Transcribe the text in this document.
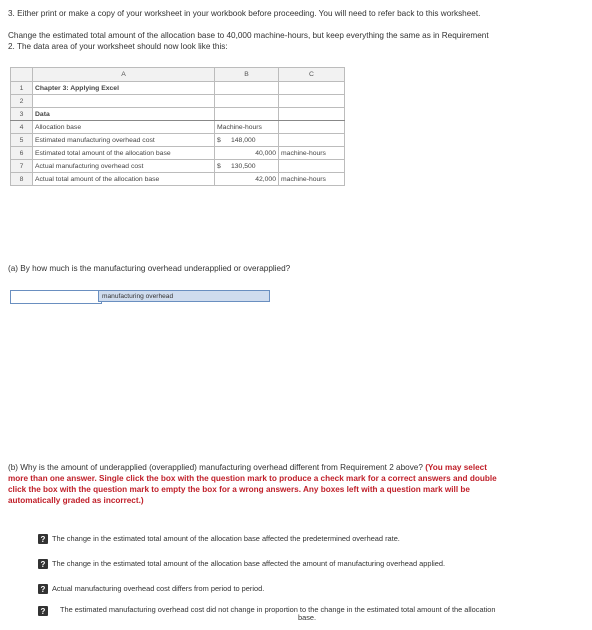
3. Either print or make a copy of your worksheet in your workbook before proceeding. You will need to refer back to this worksheet.
Change the estimated total amount of the allocation base to 40,000 machine-hours, but keep everything the same as in Requirement
2. The data area of your worksheet should now look like this:
	A	B	C
1	Chapter 3: Applying Excel		
2			
3	Data		
4	Allocation base	Machine-hours	
5	Estimated manufacturing overhead cost	$ 148,000	
6	Estimated total amount of the allocation base	40,000	machine-hours
7	Actual manufacturing overhead cost	$ 130,500	
8	Actual total amount of the allocation base	42,000	machine-hours
(a) By how much is the manufacturing overhead underapplied or overapplied?
manufacturing overhead
(b) Why is the amount of underapplied (overapplied) manufacturing overhead different from Requirement 2 above? (You may select
more than one answer. Single click the box with the question mark to produce a check mark for a correct answers and double
click the box with the question mark to empty the box for a wrong answers. Any boxes left with a question mark will be
automatically graded as incorrect.)
? The change in the estimated total amount of the allocation base affected the predetermined overhead rate.
? The change in the estimated total amount of the allocation base affected the amount of manufacturing overhead applied.
? Actual manufacturing overhead cost differs from period to period.
?	The estimated manufacturing overhead cost did not change in proportion to the change in the estimated total amount of the allocation
base.
